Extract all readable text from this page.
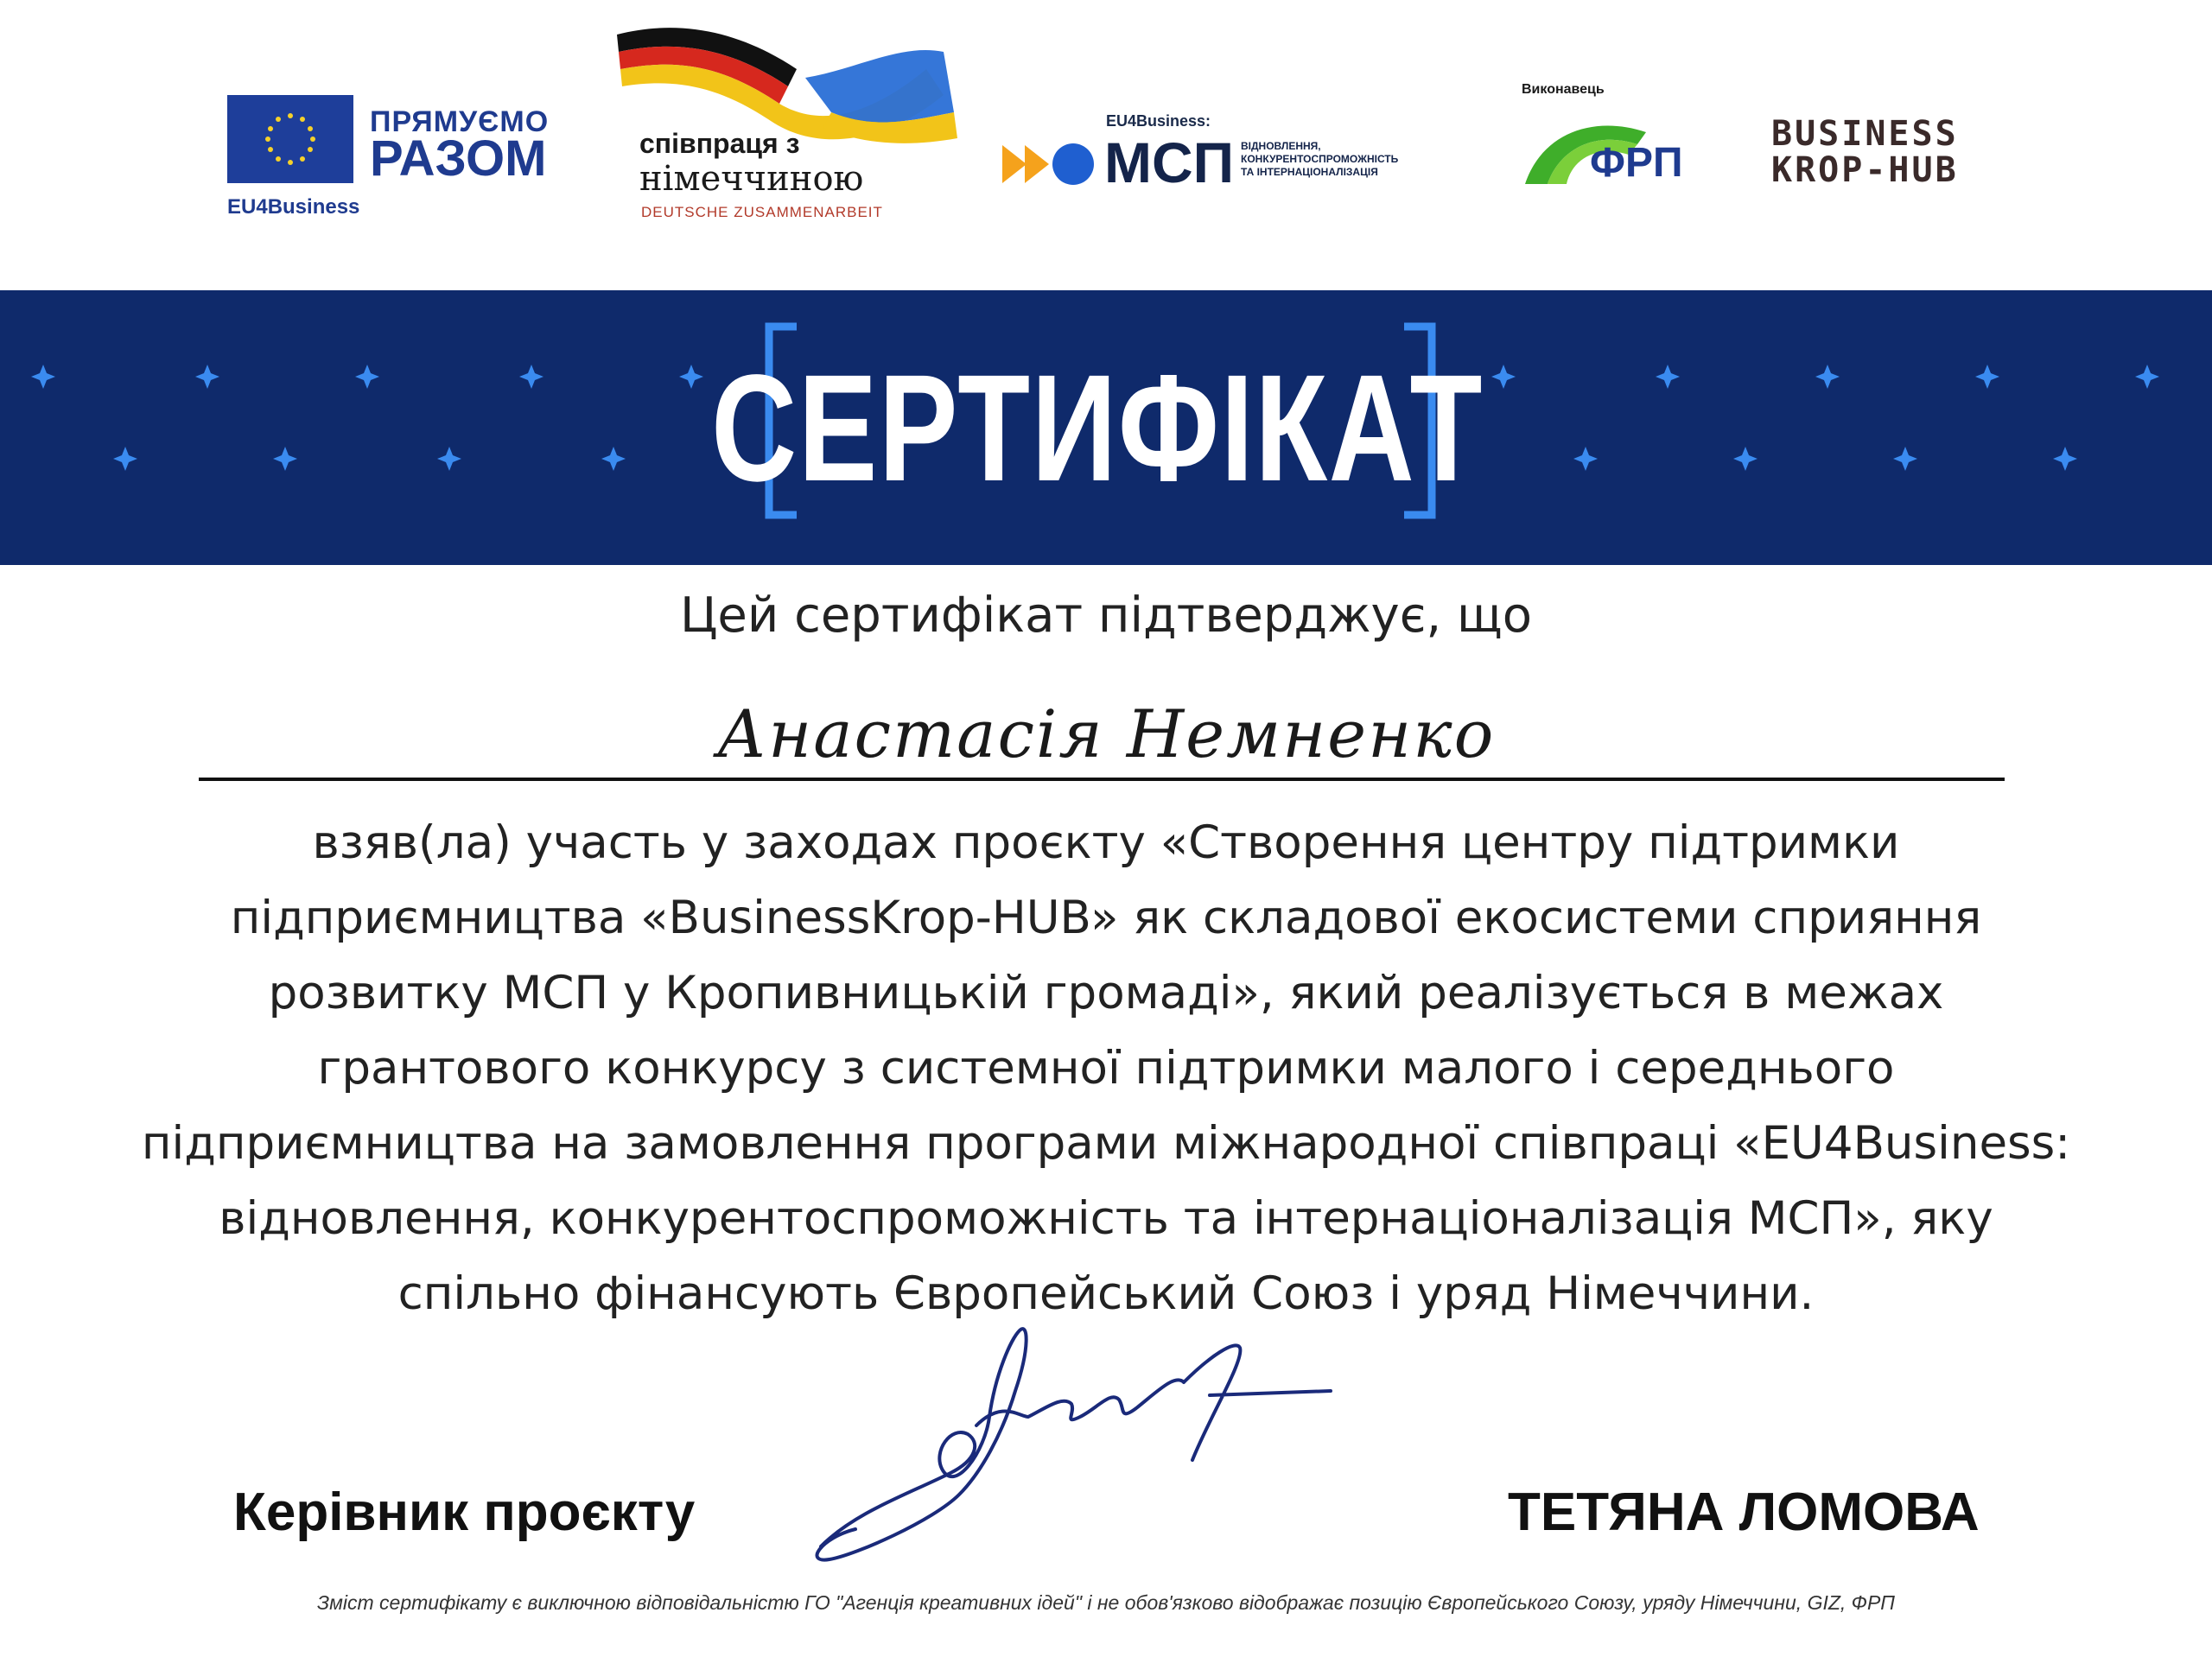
ПРЯМУЄМО
РАЗОМ
EU4Business
співпраця з
німеччиною
DEUTSCHE ZUSAMMENARBEIT
EU4Business:
МСП ВІДНОВЛЕННЯ,
КОНКУРЕНТОСПРОМОЖНІСТЬ
ТА ІНТЕРНАЦІОНАЛІЗАЦІЯ
Виконавець
ФРП
BUSINESS
KROP-HUB
СЕРТИФІКАТ
Цей сертифікат підтверджує, що
Анастасія Немненко
взяв(ла) участь у заходах проєкту «Створення центру підтримки
підприємництва «BusinessKrop-HUB» як складової екосистеми сприяння
розвитку МСП у Кропивницькій громаді», який реалізується в межах
грантового конкурсу з системної підтримки малого і середнього
підприємництва на замовлення програми міжнародної співпраці «EU4Business:
відновлення, конкурентоспроможність та інтернаціоналізація МСП», яку
спільно фінансують Європейський Союз і уряд Німеччини.
Керівник проєкту	ТЕТЯНА ЛОМОВА
Зміст сертифікату є виключною відповідальністю ГО "Агенція креативних ідей" і не обов'язково відображає позицію Європейського Союзу, уряду Німеччини, GIZ, ФРП
